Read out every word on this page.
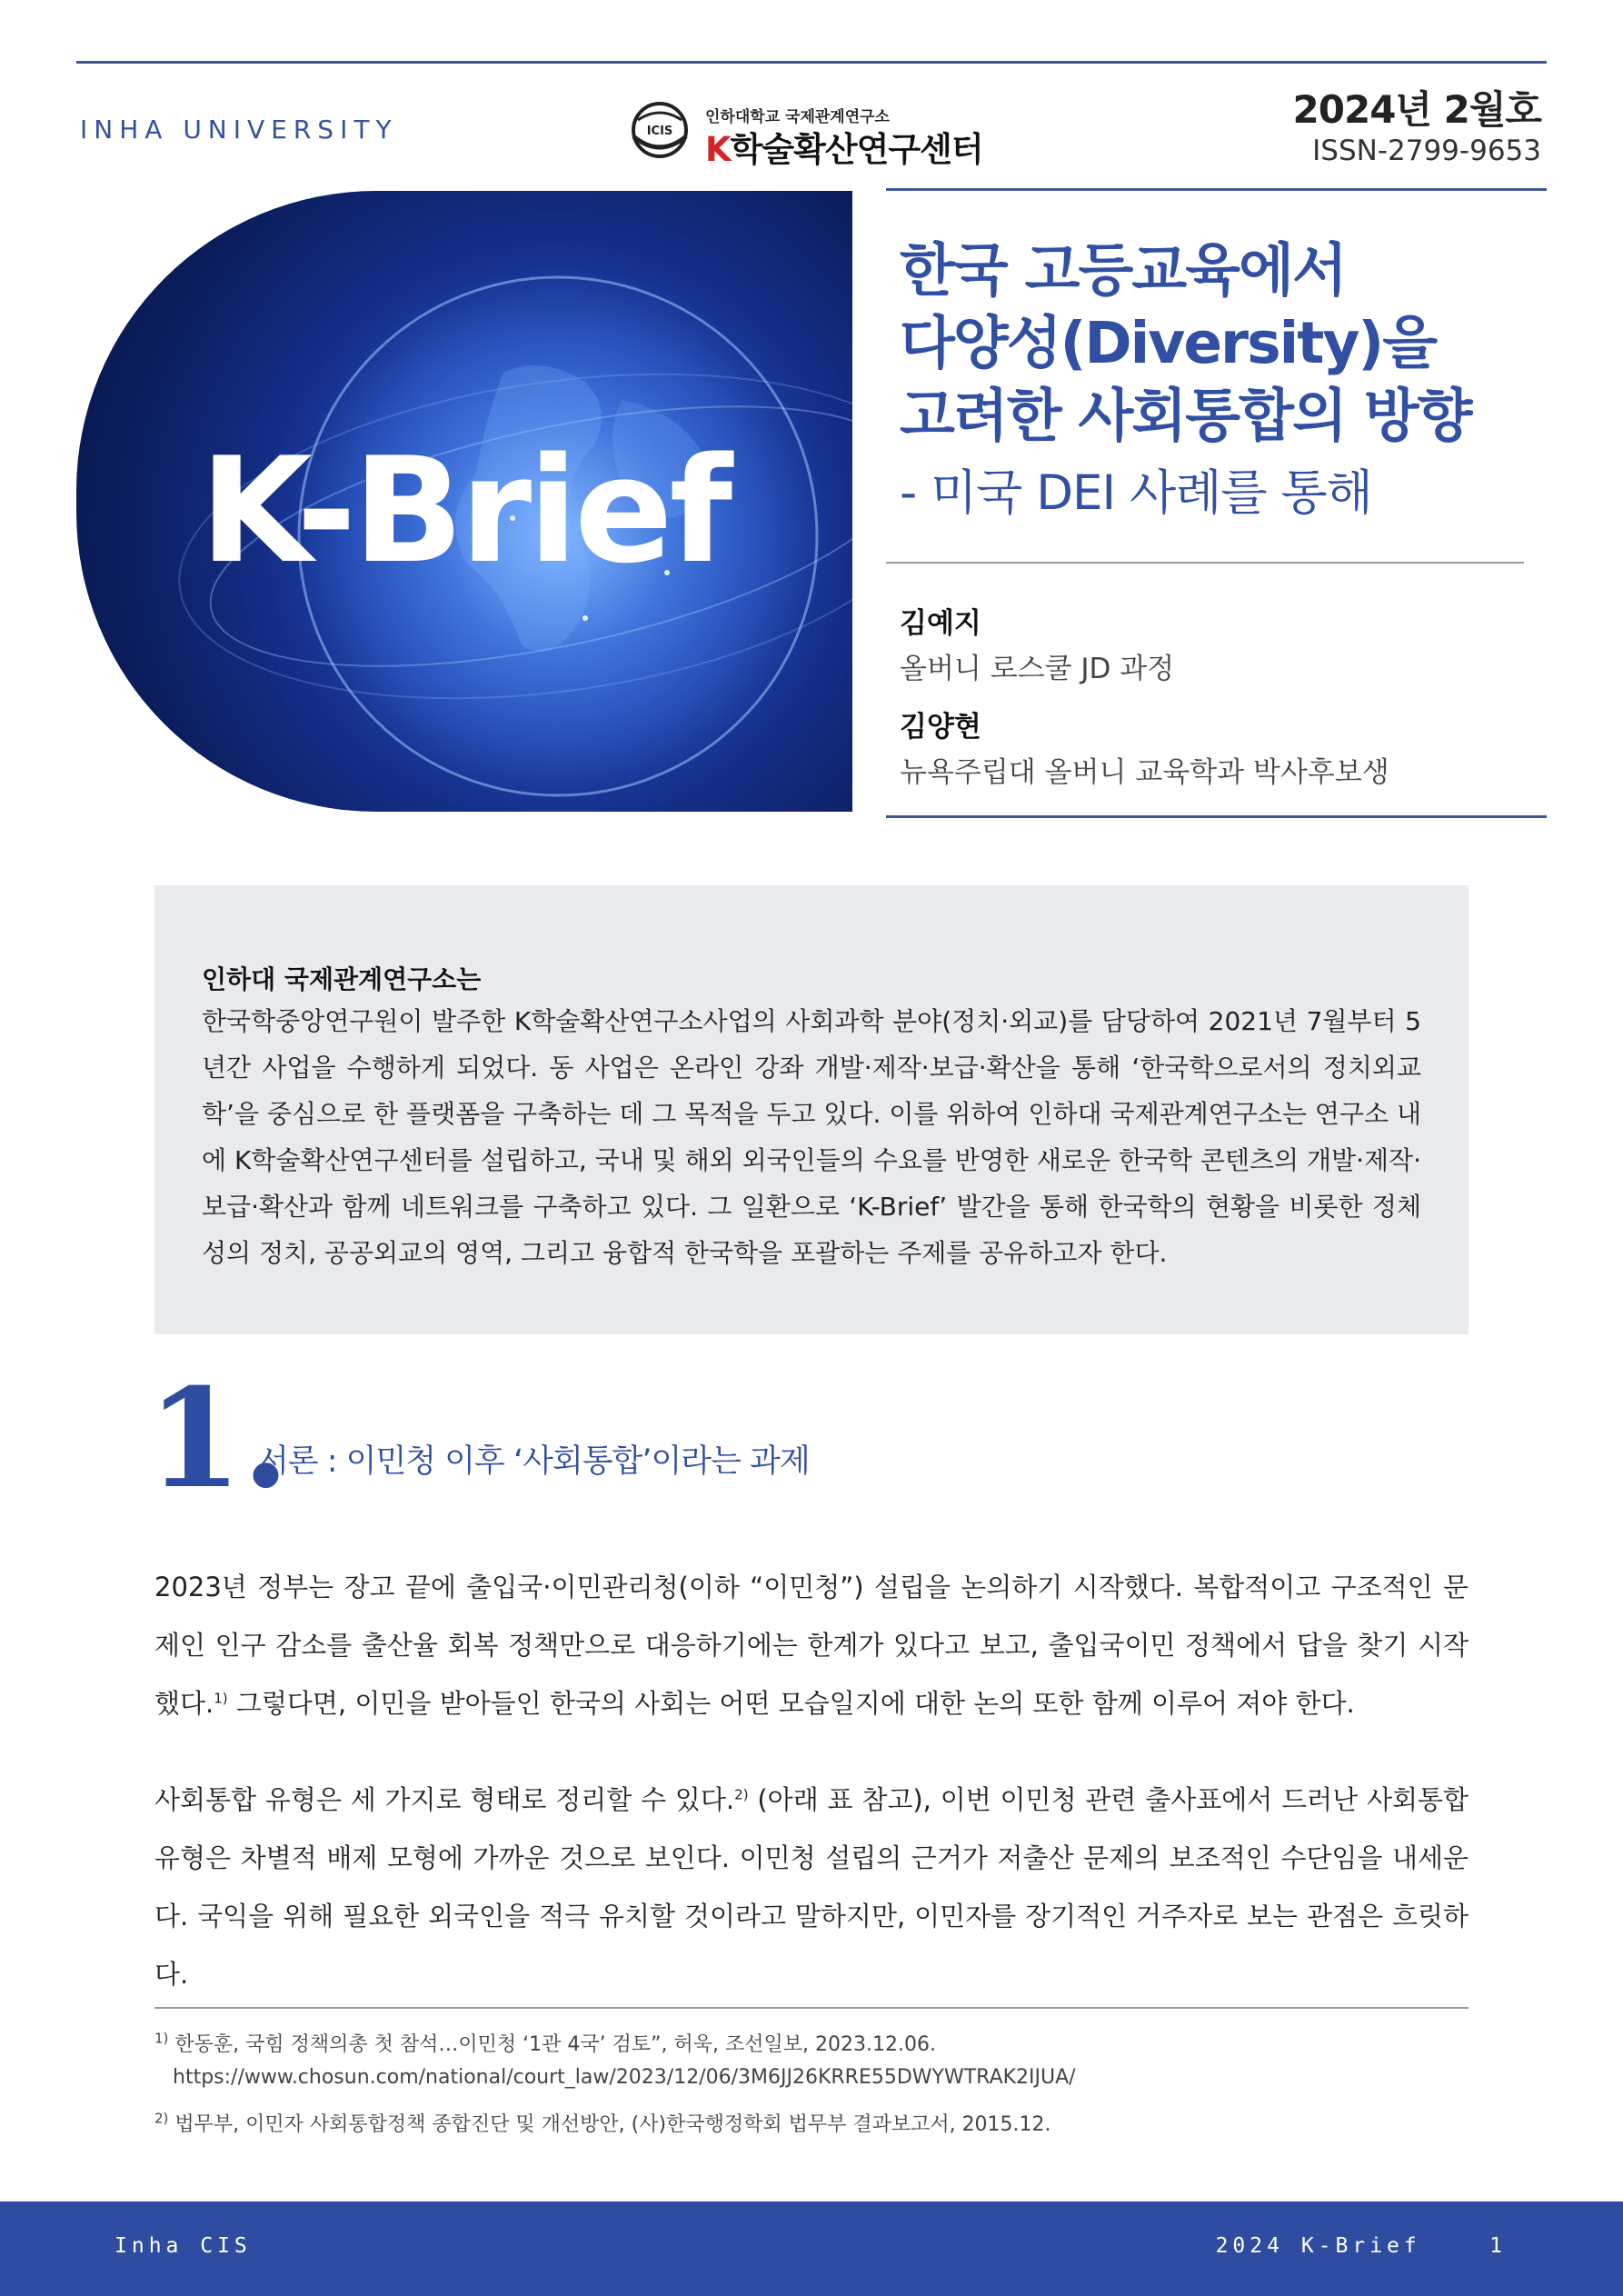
INHA UNIVERSITY	ICIS
인하대학교 국제관계연구소
K학술확산연구센터
2024년 2월호
ISSN-2799-9653
K-Brief
한국 고등교육에서
다양성(Diversity)을
고려한 사회통합의 방향
- 미국 DEI 사례를 통해
김예지
올버니 로스쿨 JD 과정
김양현
뉴욕주립대 올버니 교육학과 박사후보생
인하대 국제관계연구소는
한국학중앙연구원이 발주한 K학술확산연구소사업의 사회과학 분야(정치·외교)를 담당하여 2021년 7월부터 5년간 사업을 수행하게 되었다. 동 사업은 온라인 강좌 개발·제작·보급·확산을 통해 ‘한국학으로서의 정치외교학’을 중심으로 한 플랫폼을 구축하는 데 그 목적을 두고 있다. 이를 위하여 인하대 국제관계연구소는 연구소 내에 K학술확산연구센터를 설립하고, 국내 및 해외 외국인들의 수요를 반영한 새로운 한국학 콘텐츠의 개발·제작·보급·확산과 함께 네트워크를 구축하고 있다. 그 일환으로 ‘K-Brief’ 발간을 통해 한국학의 현황을 비롯한 정체성의 정치, 공공외교의 영역, 그리고 융합적 한국학을 포괄하는 주제를 공유하고자 한다.
1.
서론 : 이민청 이후 ‘사회통합’이라는 과제
2023년 정부는 장고 끝에 출입국·이민관리청(이하 “이민청”) 설립을 논의하기 시작했다. 복합적이고 구조적인 문제인 인구 감소를 출산율 회복 정책만으로 대응하기에는 한계가 있다고 보고, 출입국이민 정책에서 답을 찾기 시작했다.$^{1)}$ 그렇다면, 이민을 받아들인 한국의 사회는 어떤 모습일지에 대한 논의 또한 함께 이루어 져야 한다.
사회통합 유형은 세 가지로 형태로 정리할 수 있다.$^{2)}$ (아래 표 참고), 이번 이민청 관련 출사표에서 드러난 사회통합 유형은 차별적 배제 모형에 가까운 것으로 보인다. 이민청 설립의 근거가 저출산 문제의 보조적인 수단임을 내세운다. 국익을 위해 필요한 외국인을 적극 유치할 것이라고 말하지만, 이민자를 장기적인 거주자로 보는 관점은 흐릿하다.
$^{1)}$ 한동훈, 국힘 정책의총 첫 참석…이민청 ‘1관 4국’ 검토”, 허욱, 조선일보, 2023.12.06.
https://www.chosun.com/national/court_law/2023/12/06/3M6JJ26KRRE55DWYWTRAK2IJUA/
$^{2)}$ 법무부, 이민자 사회통합정책 종합진단 및 개선방안, (사)한국행정학회 법무부 결과보고서, 2015.12.
Inha CIS	2024 K-Brief	1
